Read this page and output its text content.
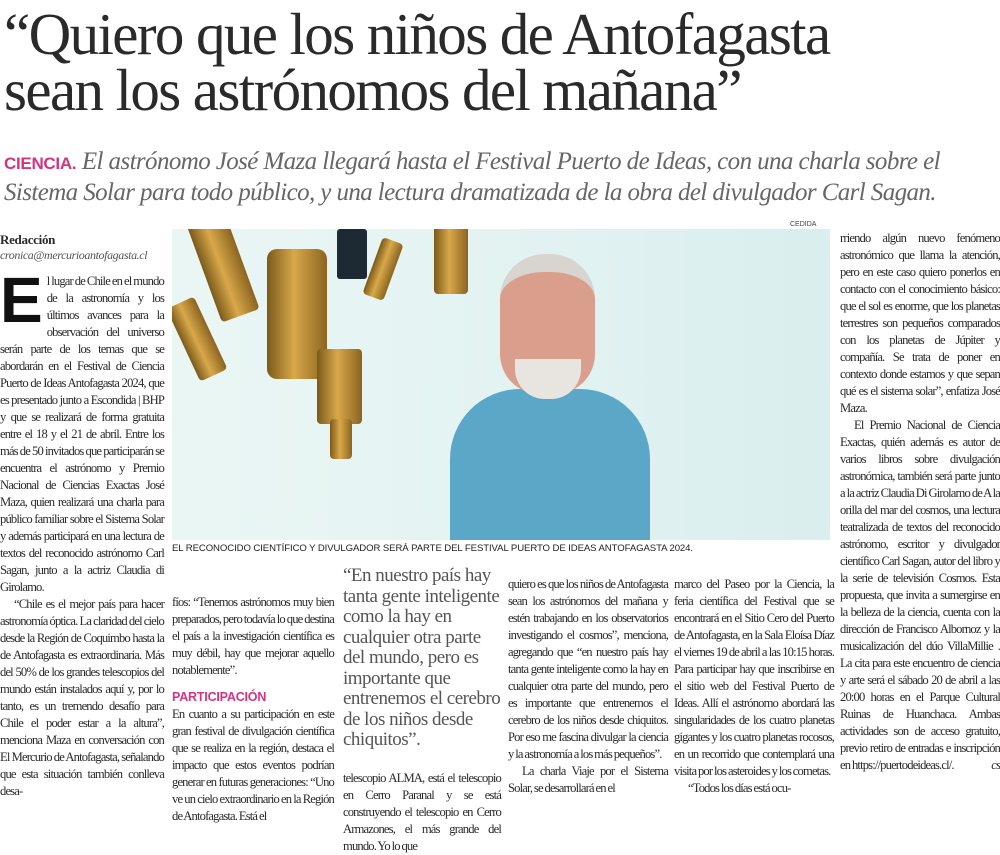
“Quiero que los niños de Antofagasta
sean los astrónomos del mañana”
CIENCIA. El astrónomo José Maza llegará hasta el Festival Puerto de Ideas, con una charla sobre el Sistema Solar para todo público, y una lectura dramatizada de la obra del divulgador Carl Sagan.
CEDIDA
EL RECONOCIDO CIENTÍFICO Y DIVULGADOR SERÁ PARTE DEL FESTIVAL PUERTO DE IDEAS ANTOFAGASTA 2024.
Redacción
cronica@mercurioantofagasta.cl

El lugar de Chile en el mundo de la astronomía y los últimos avances para la observación del universo serán parte de los temas que se abordarán en el Festival de Ciencia Puerto de Ideas Antofagasta 2024, que es presentado junto a Escondida | BHP y que se realizará de forma gratuita entre el 18 y el 21 de abril. Entre los más de 50 invitados que participarán se encuentra el astrónomo y Premio Nacional de Ciencias Exactas José Maza, quien realizará una charla para público familiar sobre el Sistema Solar y además participará en una lectura de textos del reconocido astrónomo Carl Sagan, junto a la actriz Claudia di Girolamo.

“Chile es el mejor país para hacer astronomía óptica. La claridad del cielo desde la Región de Coquimbo hasta la de Antofagasta es extraordinaria. Más del 50% de los grandes telescopios del mundo están instalados aquí y, por lo tanto, es un tremendo desafío para Chile el poder estar a la altura”, menciona Maza en conversación con El Mercurio de Antofagasta, señalando que esta situación también conlleva desa-

fíos: “Tenemos astrónomos muy bien preparados, pero todavía lo que destina el país a la investigación científica es muy débil, hay que mejorar aquello notablemente”.

PARTICIPACIÓN

En cuanto a su participación en este gran festival de divulgación científica que se realiza en la región, destaca el impacto que estos eventos podrían generar en futuras generaciones: “Uno ve un cielo extraordinario en la Región de Antofagasta. Está el

“En nuestro país hay tanta gente inteligente como la hay en cualquier otra parte del mundo, pero es importante que entrenemos el cerebro de los niños desde chiquitos”.

telescopio ALMA, está el telescopio en Cerro Paranal y se está construyendo el telescopio en Cerro Armazones, el más grande del mundo. Yo lo que

quiero es que los niños de Antofagasta sean los astrónomos del mañana y estén trabajando en los observatorios investigando el cosmos”, menciona, agregando que “en nuestro país hay tanta gente inteligente como la hay en cualquier otra parte del mundo, pero es importante que entrenemos el cerebro de los niños desde chiquitos. Por eso me fascina divulgar la ciencia y la astronomía a los más pequeños”.

La charla Viaje por el Sistema Solar, se desarrollará en el

marco del Paseo por la Ciencia, la feria científica del Festival que se encontrará en el Sitio Cero del Puerto de Antofagasta, en la Sala Eloísa Díaz el viernes 19 de abril a las 10:15 horas. Para participar hay que inscribirse en el sitio web del Festival Puerto de Ideas. Allí el astrónomo abordará las singularidades de los cuatro planetas gigantes y los cuatro planetas rocosos, en un recorrido que contemplará una visita por los asteroides y los cometas.

“Todos los días está ocu-

rriendo algún nuevo fenómeno astronómico que llama la atención, pero en este caso quiero ponerlos en contacto con el conocimiento básico: que el sol es enorme, que los planetas terrestres son pequeños comparados con los planetas de Júpiter y compañía. Se trata de poner en contexto donde estamos y que sepan qué es el sistema solar”, enfatiza José Maza.

El Premio Nacional de Ciencia Exactas, quién además es autor de varios libros sobre divulgación astronómica, también será parte junto a la actriz Claudia Di Girolamo de A la orilla del mar del cosmos, una lectura teatralizada de textos del reconocido astrónomo, escritor y divulgador científico Carl Sagan, autor del libro y la serie de televisión Cosmos. Esta propuesta, que invita a sumergirse en la belleza de la ciencia, cuenta con la dirección de Francisco Albornoz y la musicalización del dúo VillaMillie . La cita para este encuentro de ciencia y arte será el sábado 20 de abril a las 20:00 horas en el Parque Cultural Ruinas de Huanchaca. Ambas actividades son de acceso gratuito, previo retiro de entradas e inscripción en https://puertodeideas.cl/.	cs
